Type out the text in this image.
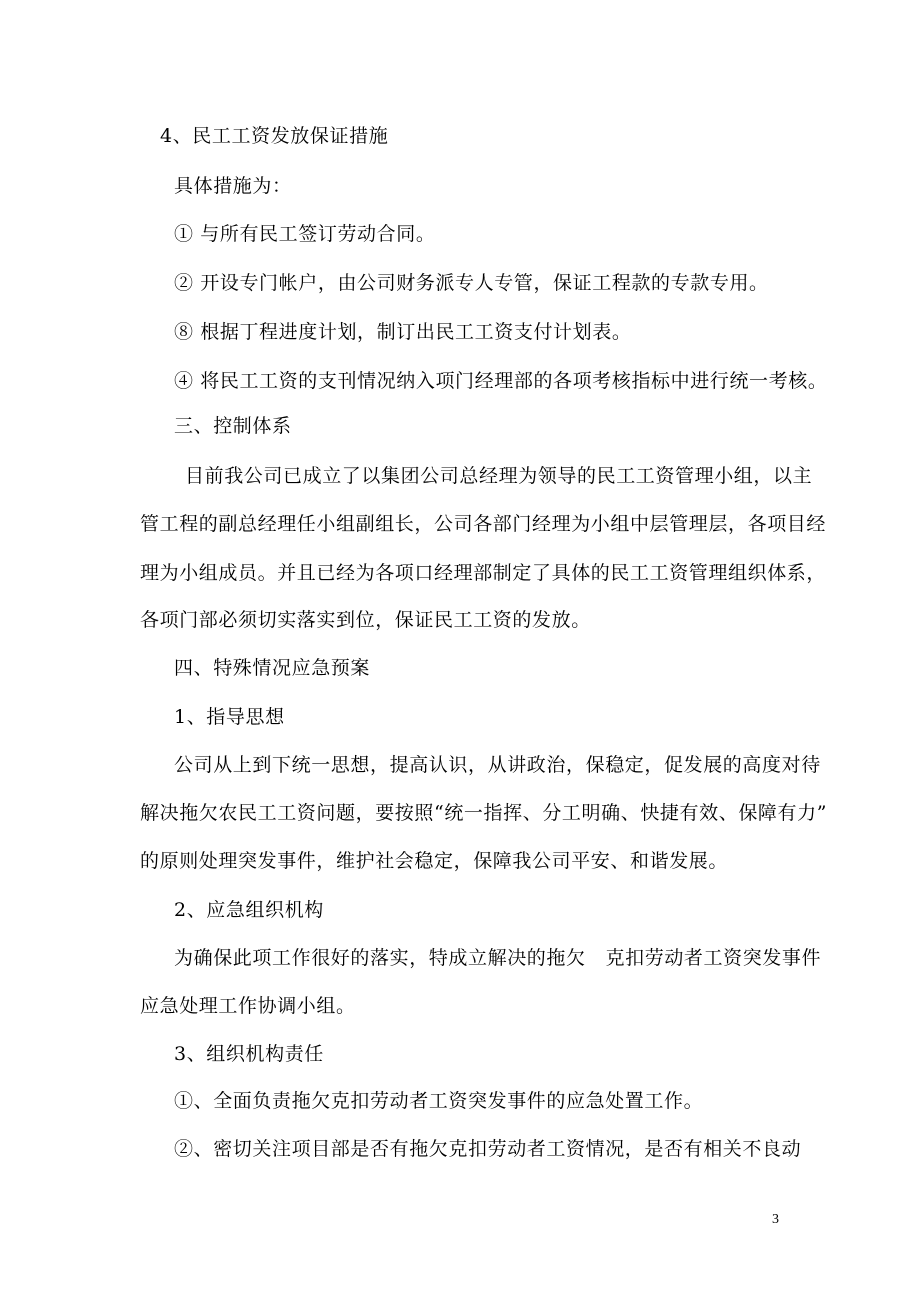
4、民工工资发放保证措施
具体措施为：
① 与所有民工签订劳动合同。
② 开设专门帐户，由公司财务派专人专管，保证工程款的专款专用。
⑧ 根据丁程进度计划，制订出民工工资支付计划表。
④ 将民工工资的支刊情况纳入项门经理部的各项考核指标中进行统一考核。
三、控制体系
目前我公司已成立了以集团公司总经理为领导的民工工资管理小组，以主
管工程的副总经理任小组副组长，公司各部门经理为小组中层管理层，各项目经
理为小组成员。并且已经为各项口经理部制定了具体的民工工资管理组织体系，
各项门部必须切实落实到位，保证民工工资的发放。
四、特殊情况应急预案
1、指导思想
公司从上到下统一思想，提高认识，从讲政治，保稳定，促发展的高度对待
解决拖欠农民工工资问题，要按照“统一指挥、分工明确、快捷有效、保障有力”
的原则处理突发事件，维护社会稳定，保障我公司平安、和谐发展。
2、应急组织机构
为确保此项工作很好的落实，特成立解决的拖欠   克扣劳动者工资突发事件
应急处理工作协调小组。
3、组织机构责任
①、全面负责拖欠克扣劳动者工资突发事件的应急处置工作。
②、密切关注项目部是否有拖欠克扣劳动者工资情况，是否有相关不良动
3
